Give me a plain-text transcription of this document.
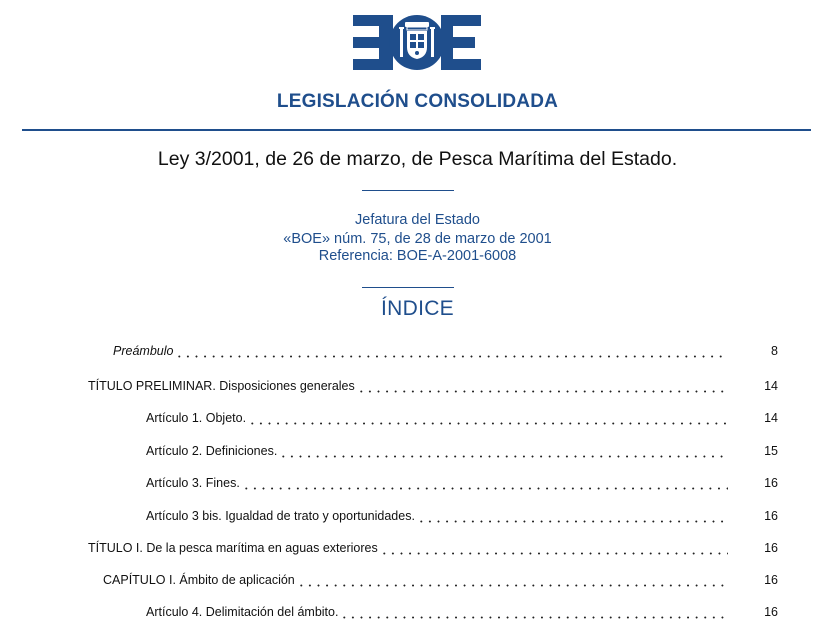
LEGISLACIÓN CONSOLIDADA
Ley 3/2001, de 26 de marzo, de Pesca Marítima del Estado.
Jefatura del Estado
«BOE» núm. 75, de 28 de marzo de 2001
Referencia: BOE-A-2001-6008
ÍNDICE
Preámbulo	8
TÍTULO PRELIMINAR. Disposiciones generales	14
Artículo 1. Objeto.	14
Artículo 2. Definiciones.	15
Artículo 3. Fines.	16
Artículo 3 bis. Igualdad de trato y oportunidades.	16
TÍTULO I. De la pesca marítima en aguas exteriores	16
CAPÍTULO I. Ámbito de aplicación	16
Artículo 4. Delimitación del ámbito.	16
